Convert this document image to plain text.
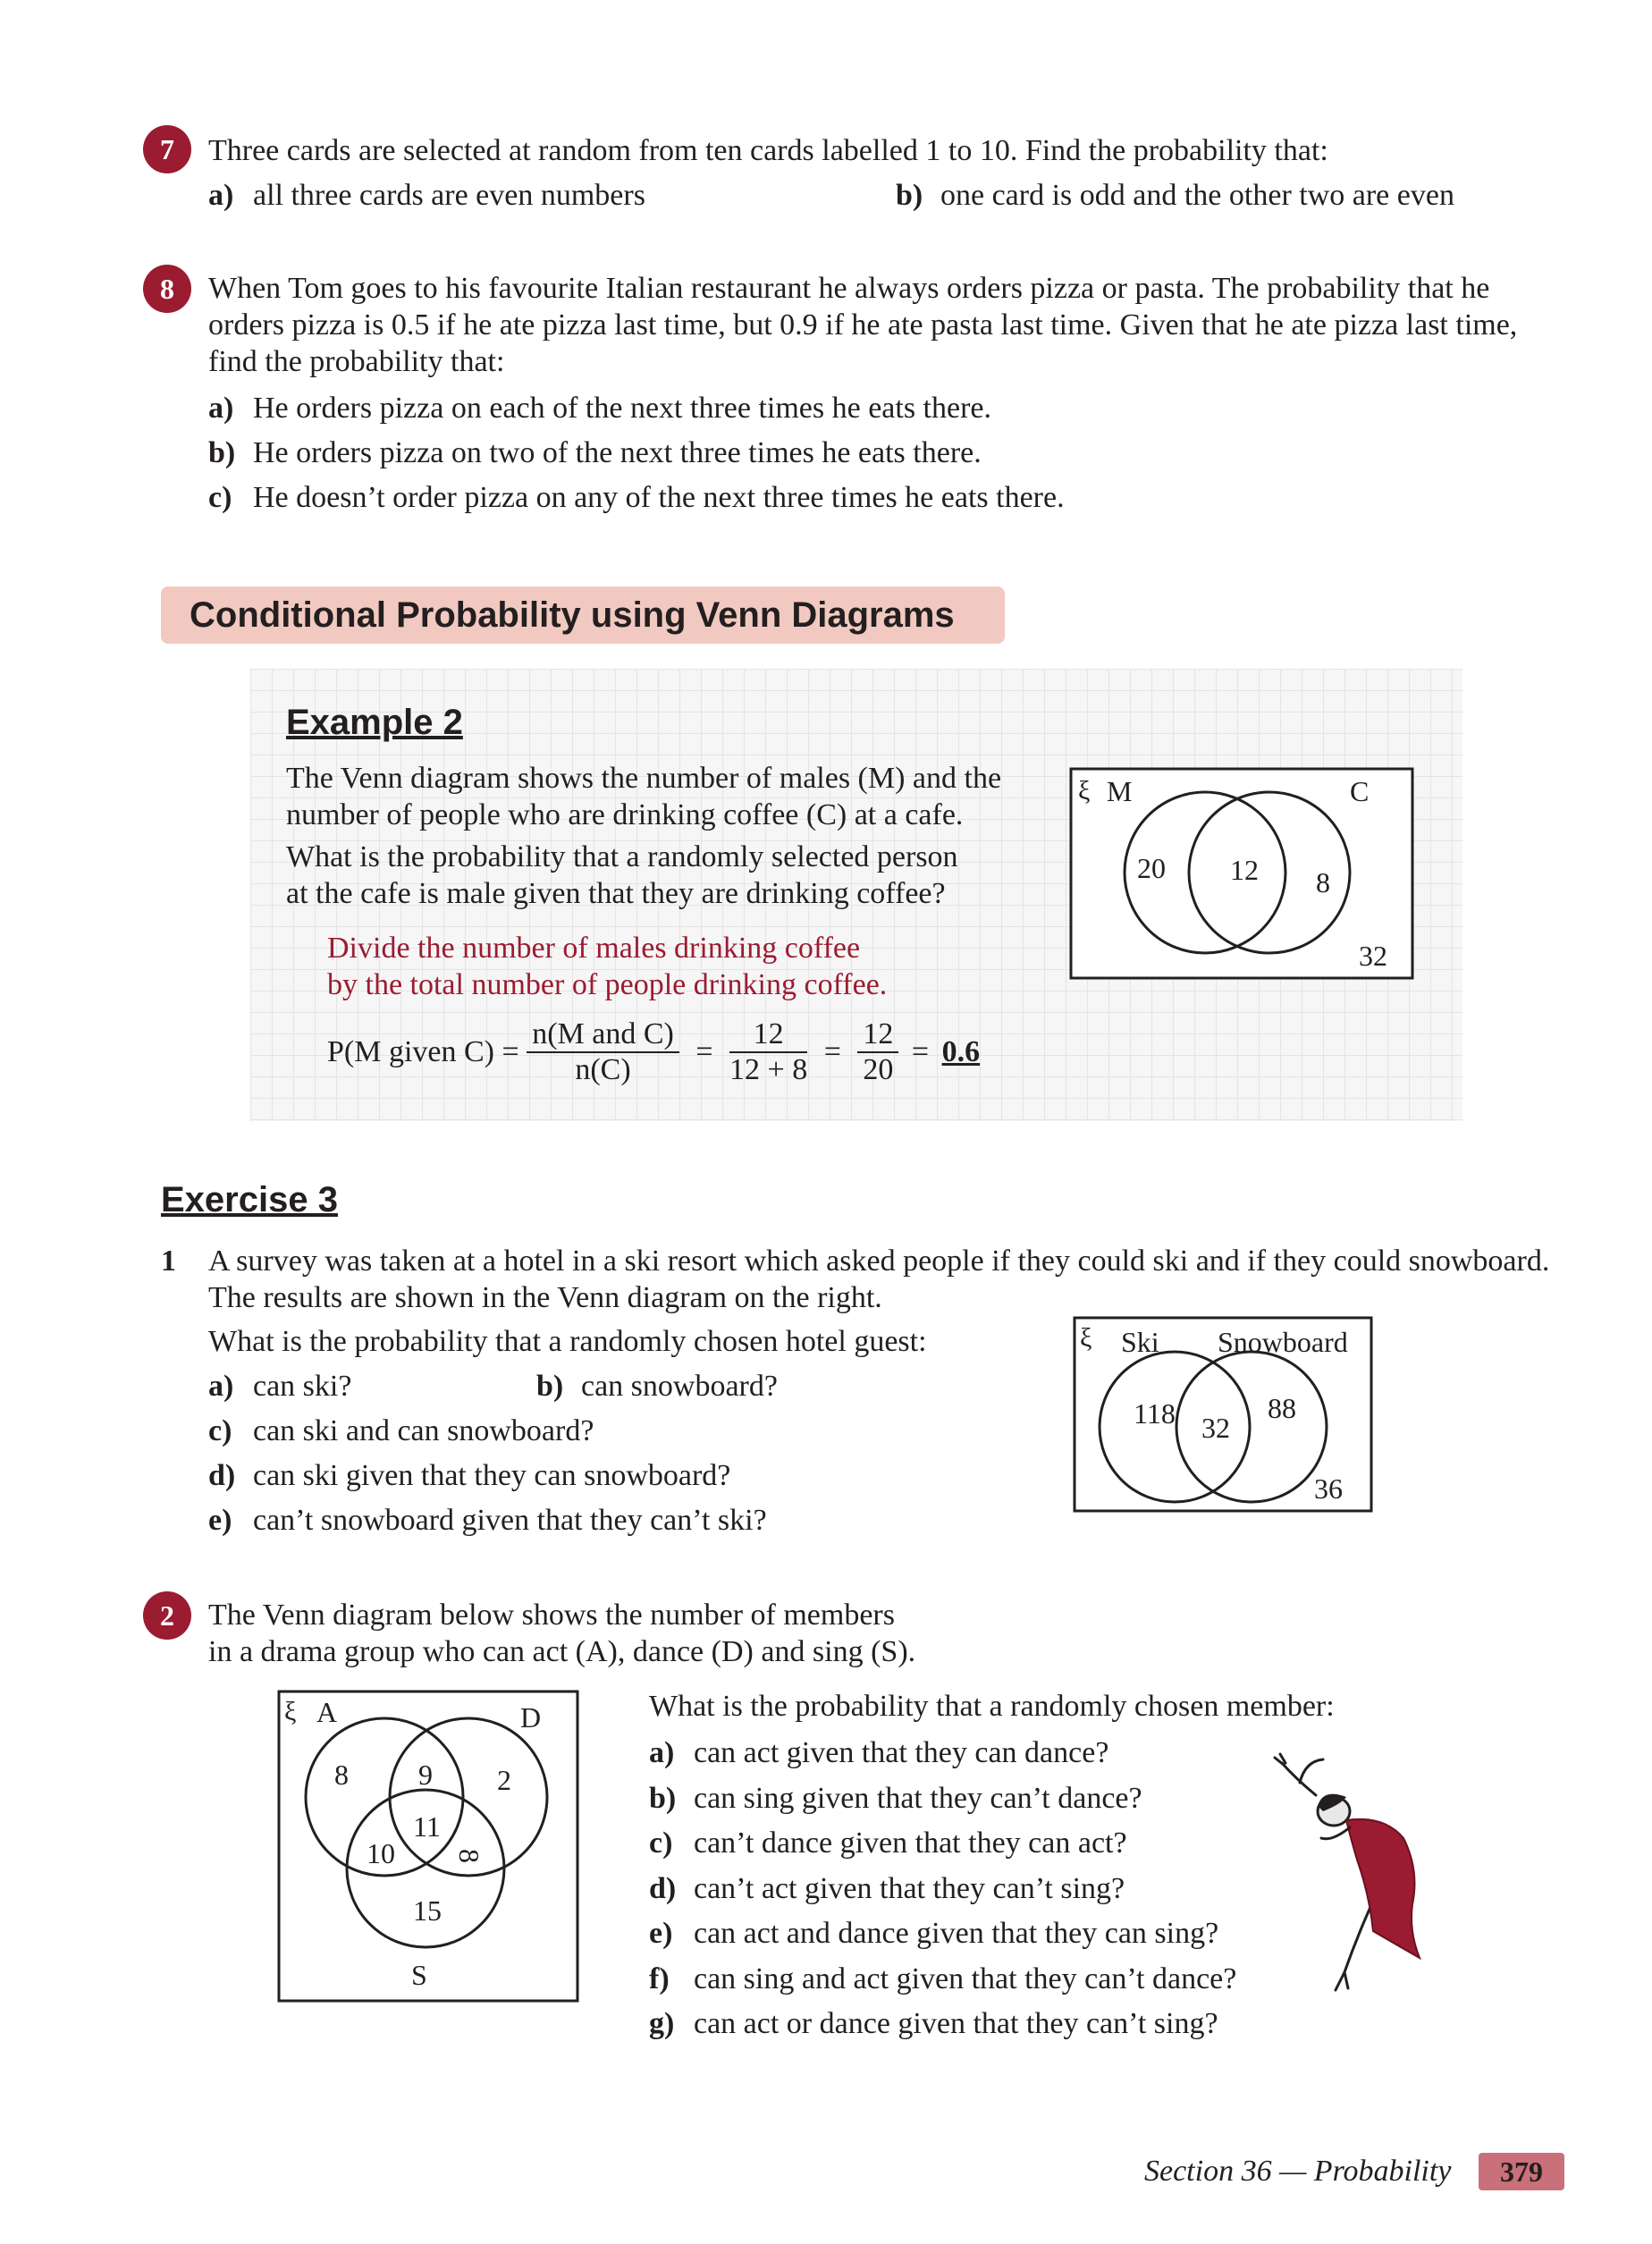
7	Three cards are selected at random from ten cards labelled 1 to 10. Find the probability that:
a) all three cards are even numbers	b) one card is odd and the other two are even
8	When Tom goes to his favourite Italian restaurant he always orders pizza or pasta. The probability that he
orders pizza is 0.5 if he ate pizza last time, but 0.9 if he ate pasta last time. Given that he ate pizza last time,
find the probability that:
a) He orders pizza on each of the next three times he eats there.
b) He orders pizza on two of the next three times he eats there.
c) He doesn’t order pizza on any of the next three times he eats there.
Conditional Probability using Venn Diagrams
Example 2
The Venn diagram shows the number of males (M) and the
number of people who are drinking coffee (C) at a cafe.
What is the probability that a randomly selected person
at the cafe is male given that they are drinking coffee?
Divide the number of males drinking coffee
by the total number of people drinking coffee.
P(M given $C) = \frac{\text{n(M and C)}}{n(C)} = \frac{12}{12 + 8} = \frac{12}{20} = 0.6$
ξ M	C
20 12 8
32
Exercise 3
1 A survey was taken at a hotel in a ski resort which asked people if they could ski and if they could snowboard.
The results are shown in the Venn diagram on the right.
What is the probability that a randomly chosen hotel guest:
a) can ski?	b) can snowboard?
c) can ski and can snowboard?
d) can ski given that they can snowboard?
e) can’t snowboard given that they can’t ski?
ξ Ski Snowboard
118 32
88
36
2	The Venn diagram below shows the number of members
in a drama group who can act (A), dance (D) and sing (S).
ξ A	D
S
8 9 2
11
10 8
15
What is the probability that a randomly chosen member:
a) can act given that they can dance?
b) can sing given that they can’t dance?
c) can’t dance given that they can act?
d) can’t act given that they can’t sing?
e) can act and dance given that they can sing?
f) can sing and act given that they can’t dance?
g) can act or dance given that they can’t sing?
Section 36 — Probability	379
